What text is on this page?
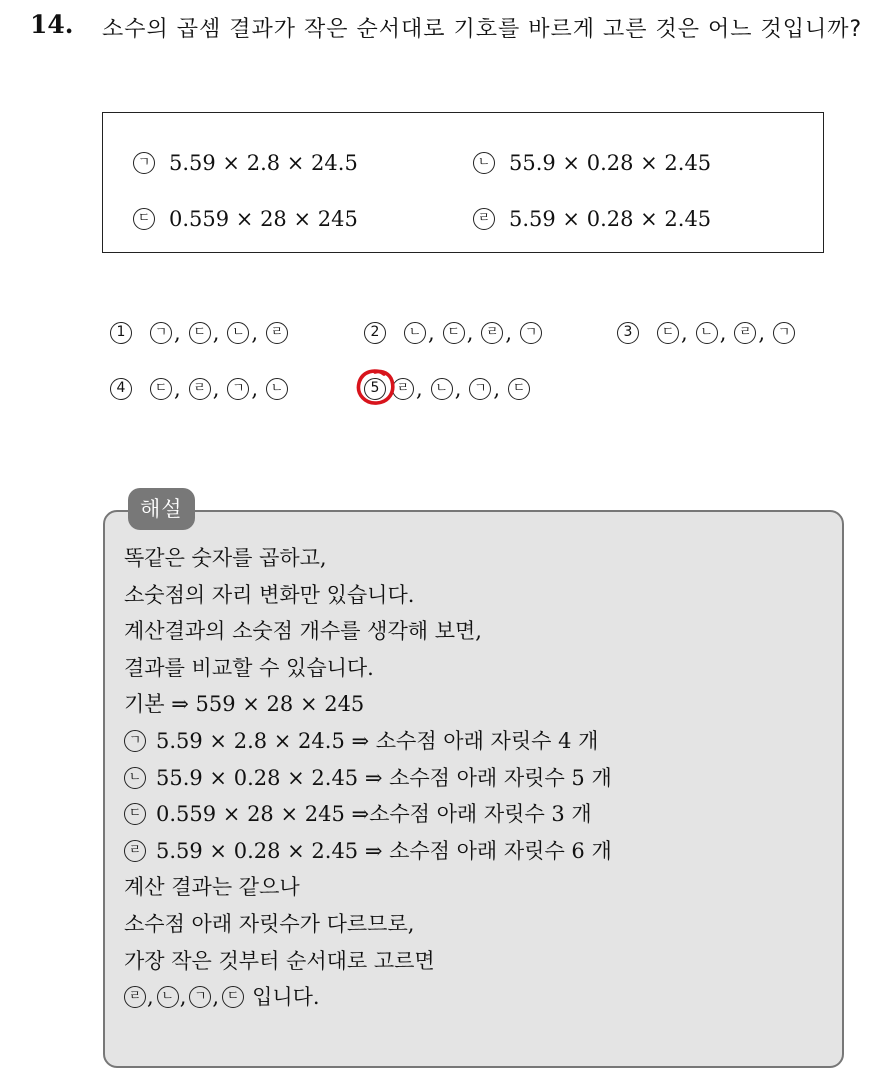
14. 소수의 곱셈 결과가 작은 순서대로 기호를 바르게 고른 것은 어느 것입니까?
ㄱ 5.59 × 2.8 × 24.5	ㄴ 55.9 × 0.28 × 2.45
ㄷ 0.559 × 28 × 245	ㄹ 5.59 × 0.28 × 2.45
1	ㄱ , ㄷ , ㄴ , ㄹ	2	ㄴ , ㄷ , ㄹ , ㄱ	3	ㄷ , ㄴ , ㄹ , ㄱ
4	ㄷ , ㄹ , ㄱ , ㄴ	5	ㄹ , ㄴ , ㄱ , ㄷ
해설
똑같은 숫자를 곱하고,
소숫점의 자리 변화만 있습니다.
계산결과의 소숫점 개수를 생각해 보면,
결과를 비교할 수 있습니다.
기본 ⇒ 559 × 28 × 245
ㄱ 5.59 × 2.8 × 24.5 ⇒ 소수점 아래 자릿수 4 개
ㄴ 55.9 × 0.28 × 2.45 ⇒ 소수점 아래 자릿수 5 개
ㄷ 0.559 × 28 × 245 ⇒소수점 아래 자릿수 3 개
ㄹ 5.59 × 0.28 × 2.45 ⇒ 소수점 아래 자릿수 6 개
계산 결과는 같으나
소수점 아래 자릿수가 다르므로,
가장 작은 것부터 순서대로 고르면
ㄹ , ㄴ , ㄱ , ㄷ 입니다.
